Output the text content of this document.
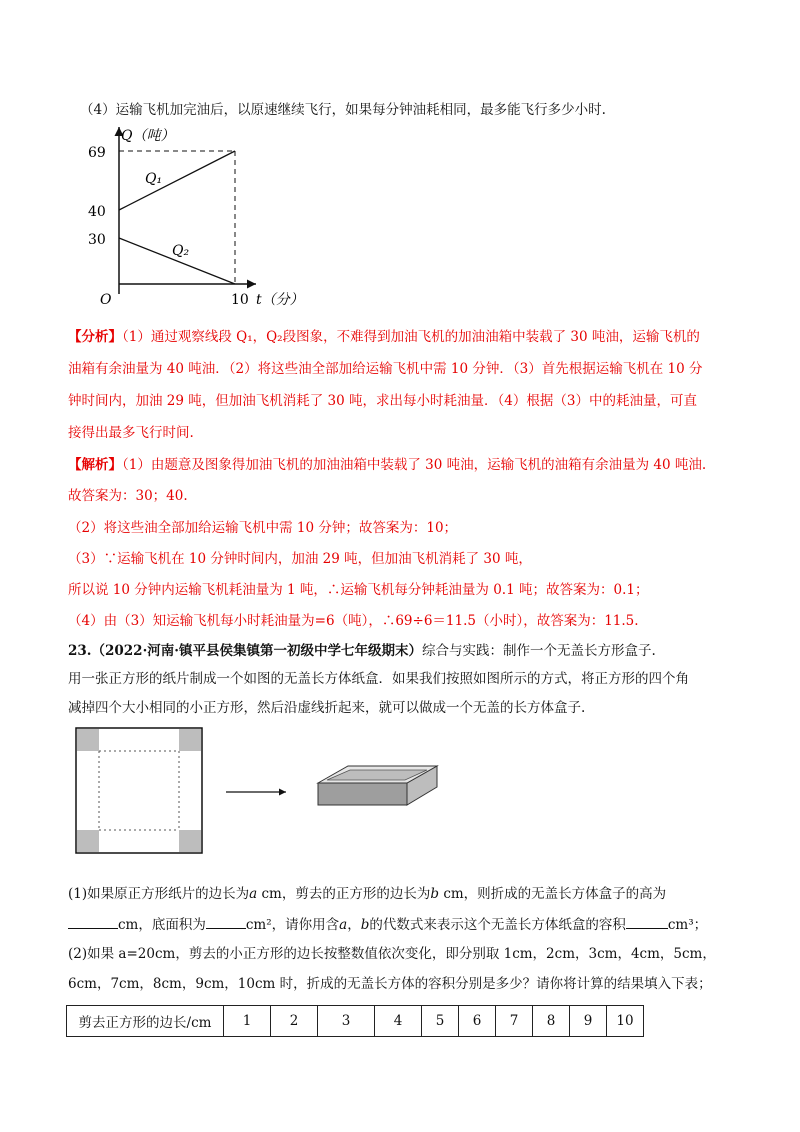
（4）运输飞机加完油后，以原速继续飞行，如果每分钟油耗相同，最多能飞行多少小时.
Q（吨）
69
40
30
O	10 t（分）
Q₁
Q₂
【分析】（1）通过观察线段 Q₁，Q₂段图象，不难得到加油飞机的加油油箱中装载了 30 吨油，运输飞机的
油箱有余油量为 40 吨油．（2）将这些油全部加给运输飞机中需 10 分钟．（3）首先根据运输飞机在 10 分
钟时间内，加油 29 吨，但加油飞机消耗了 30 吨，求出每小时耗油量．（4）根据（3）中的耗油量，可直
接得出最多飞行时间.
【解析】（1）由题意及图象得加油飞机的加油油箱中装载了 30 吨油，运输飞机的油箱有余油量为 40 吨油.
故答案为：30；40.
（2）将这些油全部加给运输飞机中需 10 分钟；故答案为：10；
（3）∵运输飞机在 10 分钟时间内，加油 29 吨，但加油飞机消耗了 30 吨，
所以说 10 分钟内运输飞机耗油量为 1 吨，∴运输飞机每分钟耗油量为 0.1 吨；故答案为：0.1；
（4）由（3）知运输飞机每小时耗油量为=6（吨），∴69÷6＝11.5（小时），故答案为：11.5.
23.（2022·河南·镇平县侯集镇第一初级中学七年级期末）综合与实践：制作一个无盖长方形盒子.
用一张正方形的纸片制成一个如图的无盖长方体纸盒．如果我们按照如图所示的方式，将正方形的四个角
减掉四个大小相同的小正方形，然后沿虚线折起来，就可以做成一个无盖的长方体盒子.
(1)如果原正方形纸片的边长为a cm，剪去的正方形的边长为b cm，则折成的无盖长方体盒子的高为
cm，底面积为	cm²，请你用含a，b的代数式来表示这个无盖长方体纸盒的容积	cm³；
(2)如果 a=20cm，剪去的小正方形的边长按整数值依次变化，即分别取 1cm，2cm，3cm，4cm，5cm，
6cm，7cm，8cm，9cm，10cm 时，折成的无盖长方体的容积分别是多少？请你将计算的结果填入下表；
剪去正方形的边长/cm	1	2	3	4	5	6	7	8	9	10
